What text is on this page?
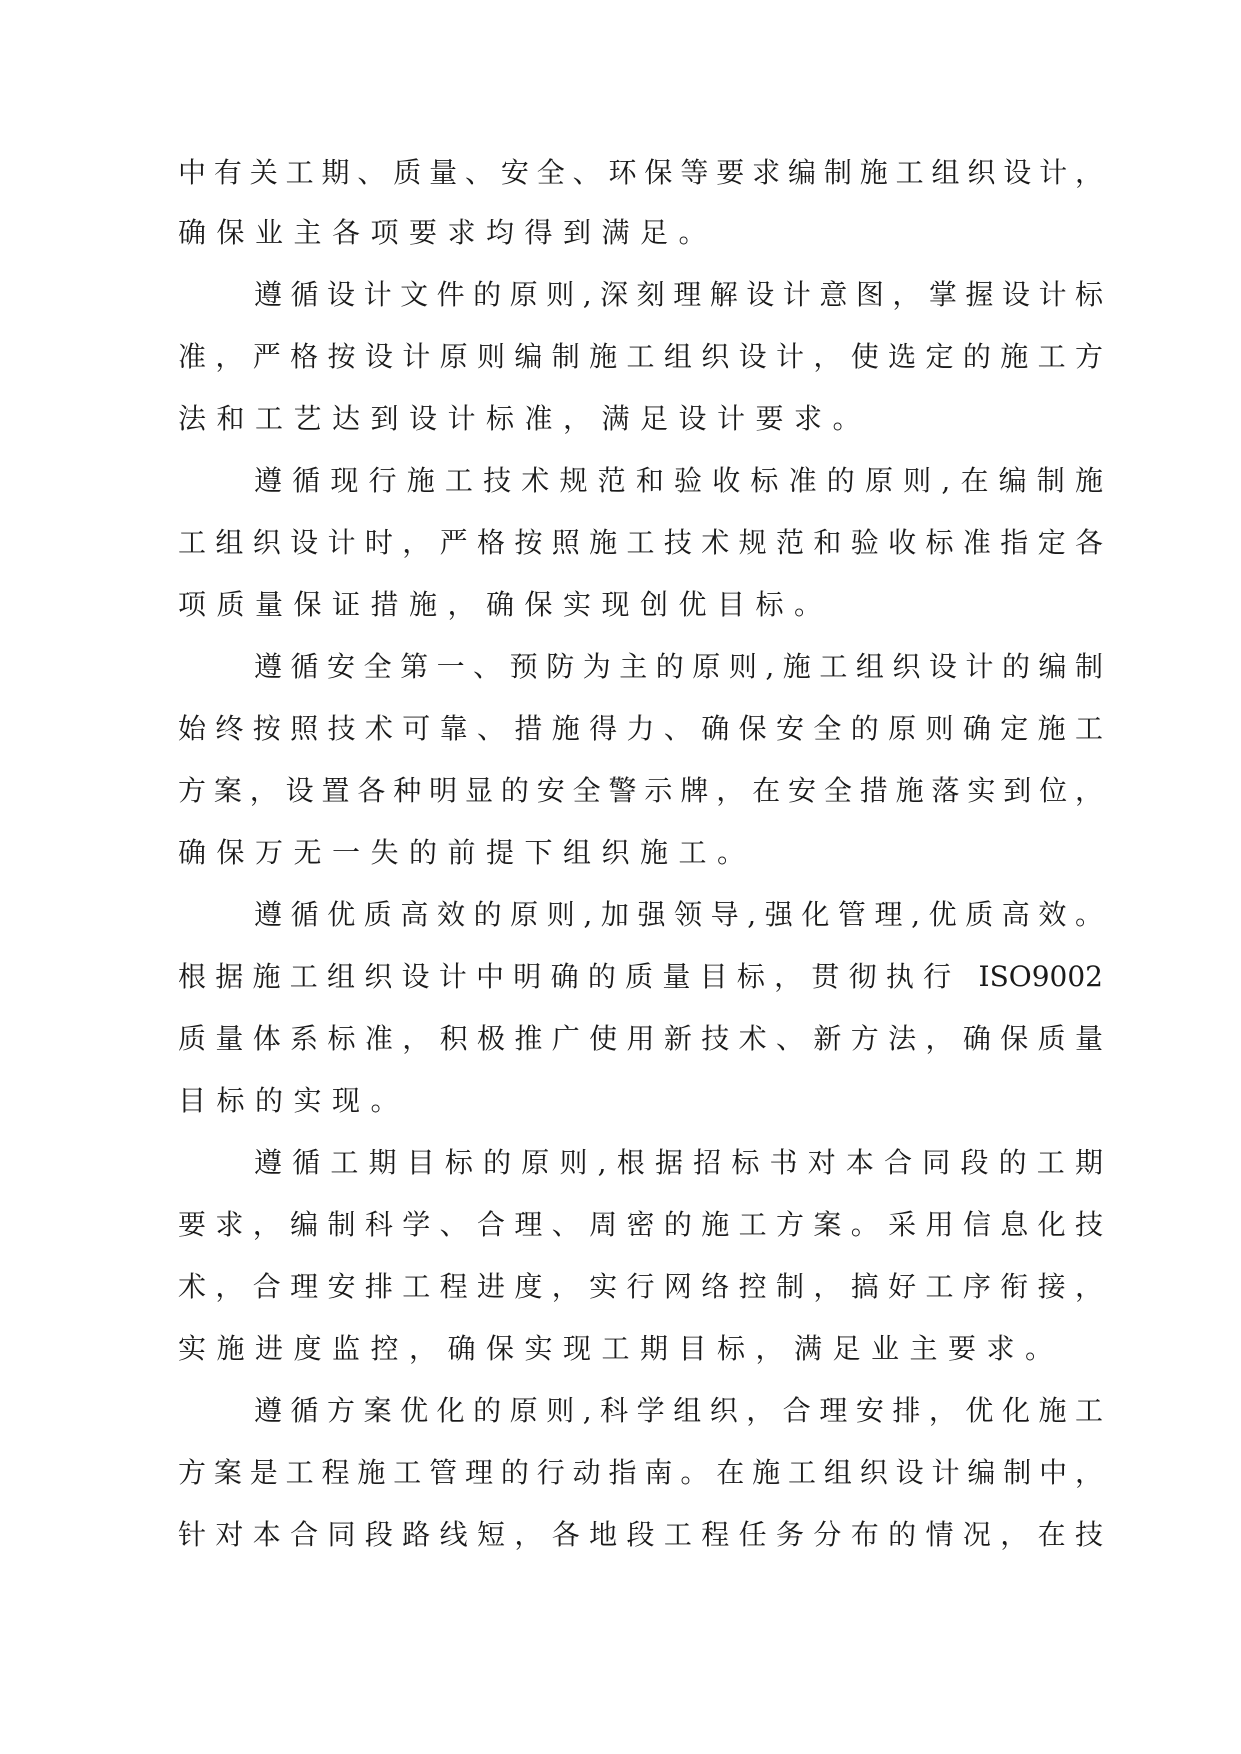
中有关工期、质量、安全、环保等要求编制施工组织设计，
确保业主各项要求均得到满足。
遵循设计文件的原则,深刻理解设计意图，掌握设计标
准，严格按设计原则编制施工组织设计，使选定的施工方
法和工艺达到设计标准，满足设计要求。
遵循现行施工技术规范和验收标准的原则,在编制施
工组织设计时，严格按照施工技术规范和验收标准指定各
项质量保证措施，确保实现创优目标。
遵循安全第一、预防为主的原则,施工组织设计的编制
始终按照技术可靠、措施得力、确保安全的原则确定施工
方案，设置各种明显的安全警示牌，在安全措施落实到位，
确保万无一失的前提下组织施工。
遵循优质高效的原则,加强领导,强化管理,优质高效。
根据施工组织设计中明确的质量目标，贯彻执行 ISO9002
质量体系标准，积极推广使用新技术、新方法，确保质量
目标的实现。
遵循工期目标的原则,根据招标书对本合同段的工期
要求，编制科学、合理、周密的施工方案。采用信息化技
术，合理安排工程进度，实行网络控制，搞好工序衔接，
实施进度监控，确保实现工期目标，满足业主要求。
遵循方案优化的原则,科学组织，合理安排，优化施工
方案是工程施工管理的行动指南。在施工组织设计编制中，
针对本合同段路线短，各地段工程任务分布的情况，在技
